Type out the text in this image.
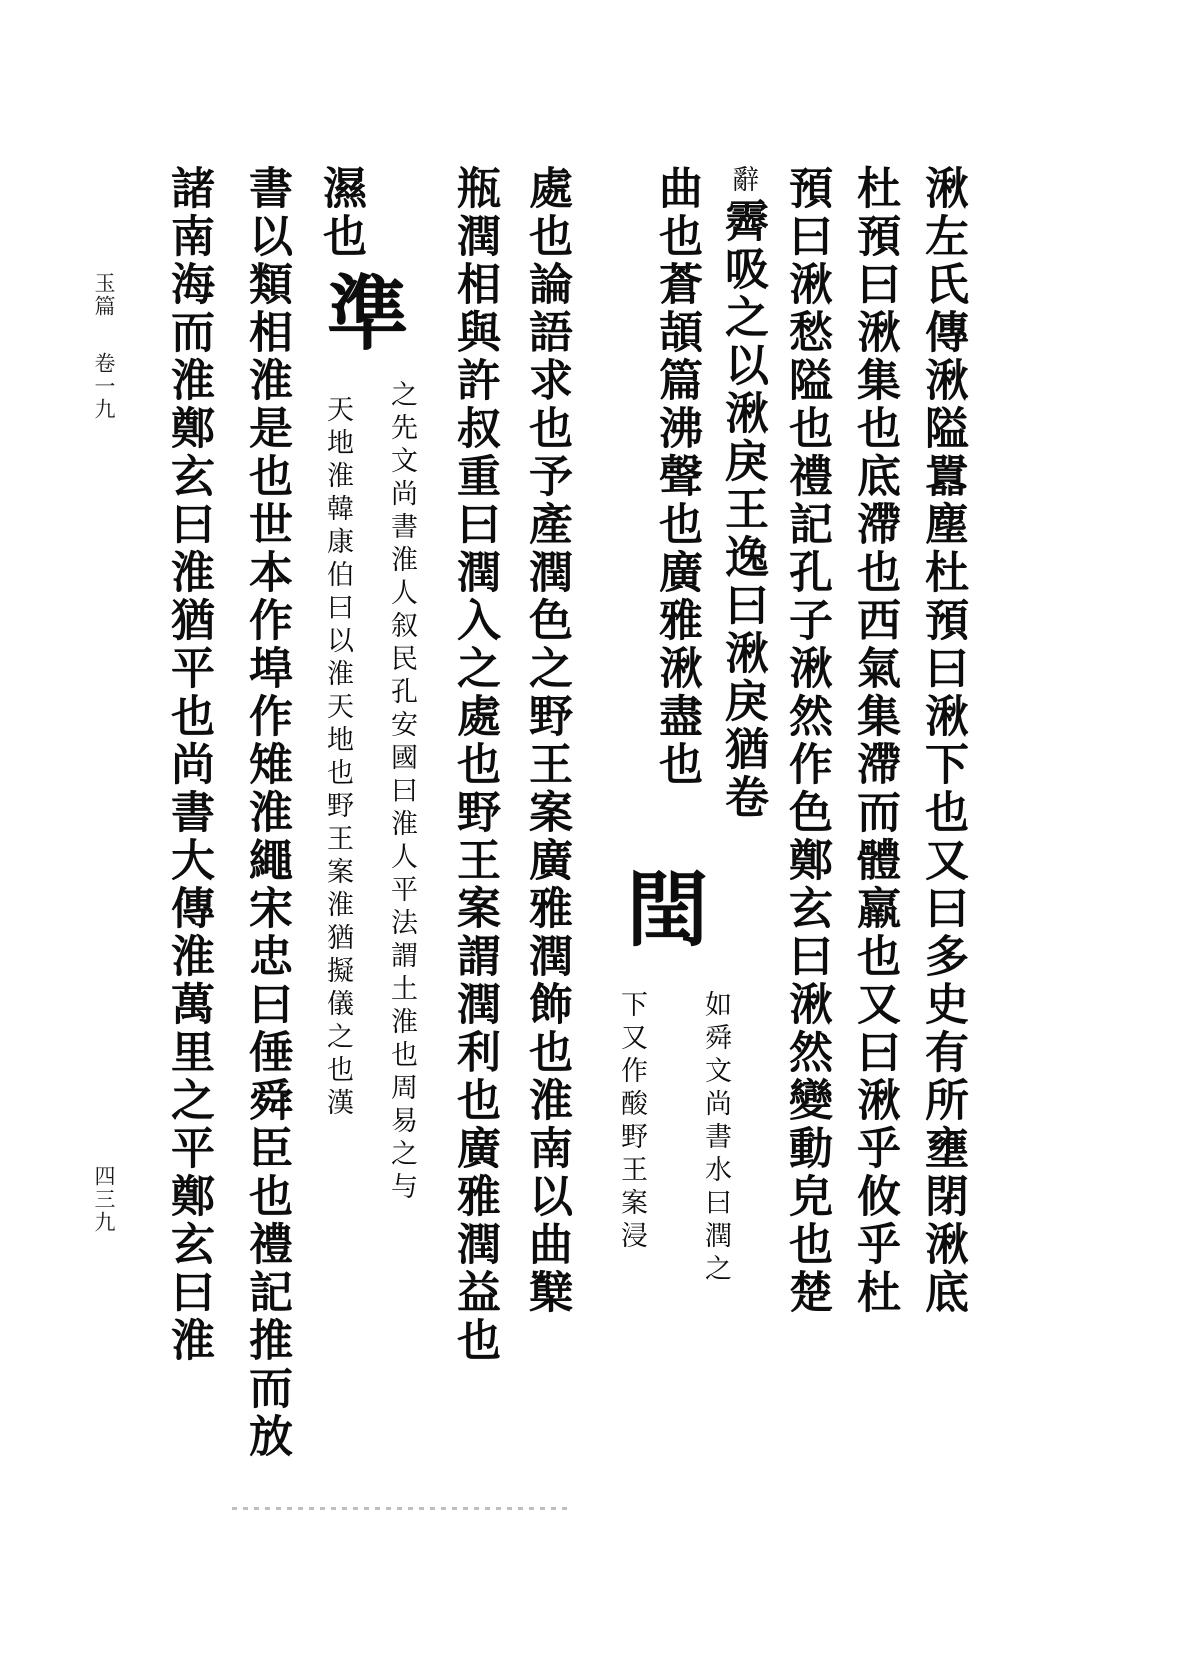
玉篇
卷一九
四三九	湫左氏傳湫隘囂塵杜預曰湫下也又曰多史有所壅閉湫底
杜預曰湫集也底滯也西氣集滯而體羸也又曰湫乎攸乎杜
預曰湫愁隘也禮記孔子湫然作色鄭玄曰湫然變動皃也楚
辭霽吸之以湫戾王逸曰湫戾猶卷
曲也蒼頡篇沸聲也廣雅湫盡也
閏
如舜文尚書水曰潤之
下又作酸野王案浸
處也論語求也予產潤色之野王案廣雅潤飾也淮南以曲櫱
瓶潤相與許叔重曰潤入之處也野王案謂潤利也廣雅潤益也
濕也
準
之先文尚書淮人叙民孔安國曰淮人平法謂土淮也周易之与
天地淮韓康伯曰以淮天地也野王案淮猶擬儀之也漢
書以類相淮是也世本作埠作雉淮繩宋忠曰倕舜臣也禮記推而放
諸南海而淮鄭玄曰淮猶平也尚書大傳淮萬里之平鄭玄曰淮
